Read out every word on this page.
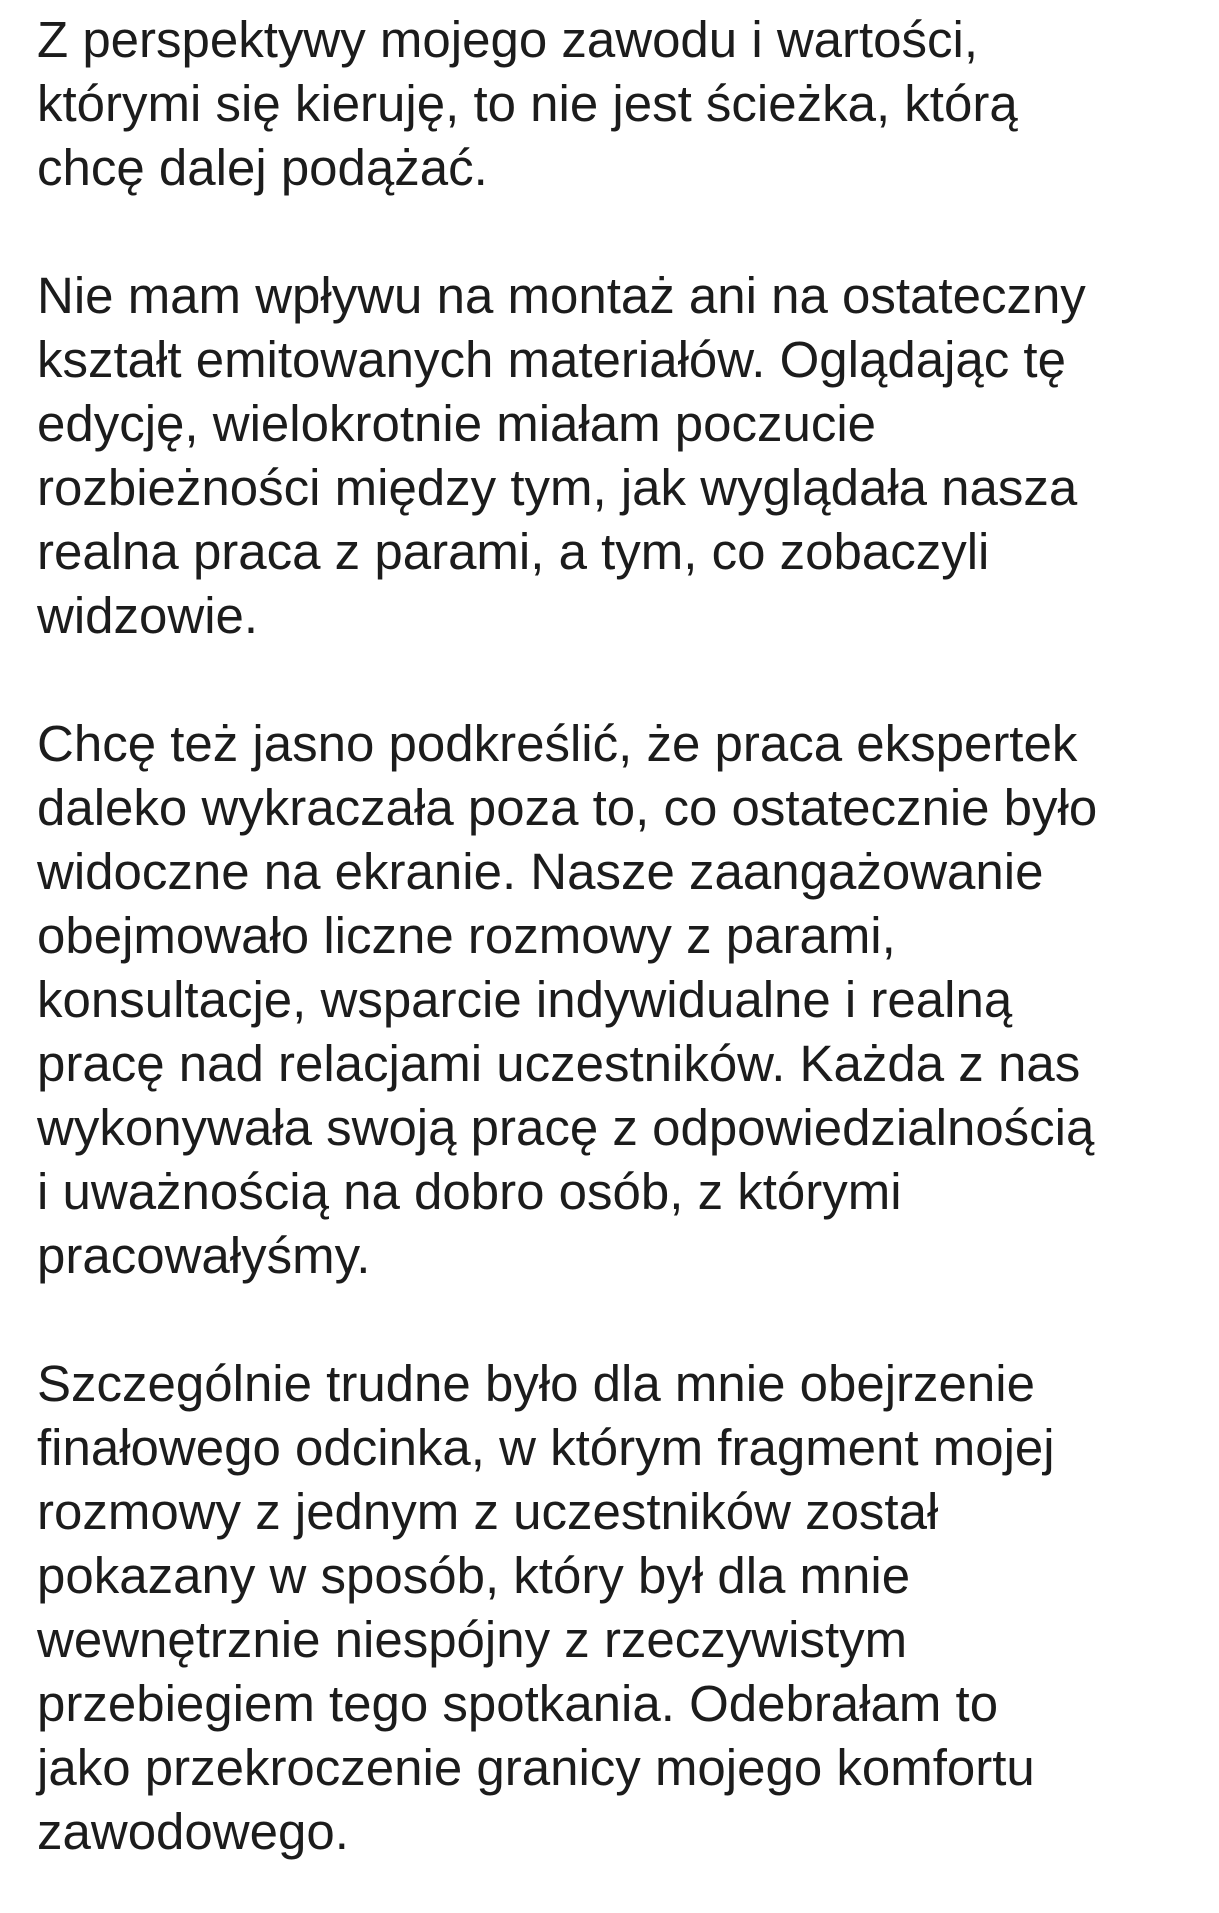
Z perspektywy mojego zawodu i wartości,
którymi się kieruję, to nie jest ścieżka, którą
chcę dalej podążać.

Nie mam wpływu na montaż ani na ostateczny
kształt emitowanych materiałów. Oglądając tę
edycję, wielokrotnie miałam poczucie
rozbieżności między tym, jak wyglądała nasza
realna praca z parami, a tym, co zobaczyli
widzowie.

Chcę też jasno podkreślić, że praca ekspertek
daleko wykraczała poza to, co ostatecznie było
widoczne na ekranie. Nasze zaangażowanie
obejmowało liczne rozmowy z parami,
konsultacje, wsparcie indywidualne i realną
pracę nad relacjami uczestników. Każda z nas
wykonywała swoją pracę z odpowiedzialnością
i uważnością na dobro osób, z którymi
pracowałyśmy.

Szczególnie trudne było dla mnie obejrzenie
finałowego odcinka, w którym fragment mojej
rozmowy z jednym z uczestników został
pokazany w sposób, który był dla mnie
wewnętrznie niespójny z rzeczywistym
przebiegiem tego spotkania. Odebrałam to
jako przekroczenie granicy mojego komfortu
zawodowego.
